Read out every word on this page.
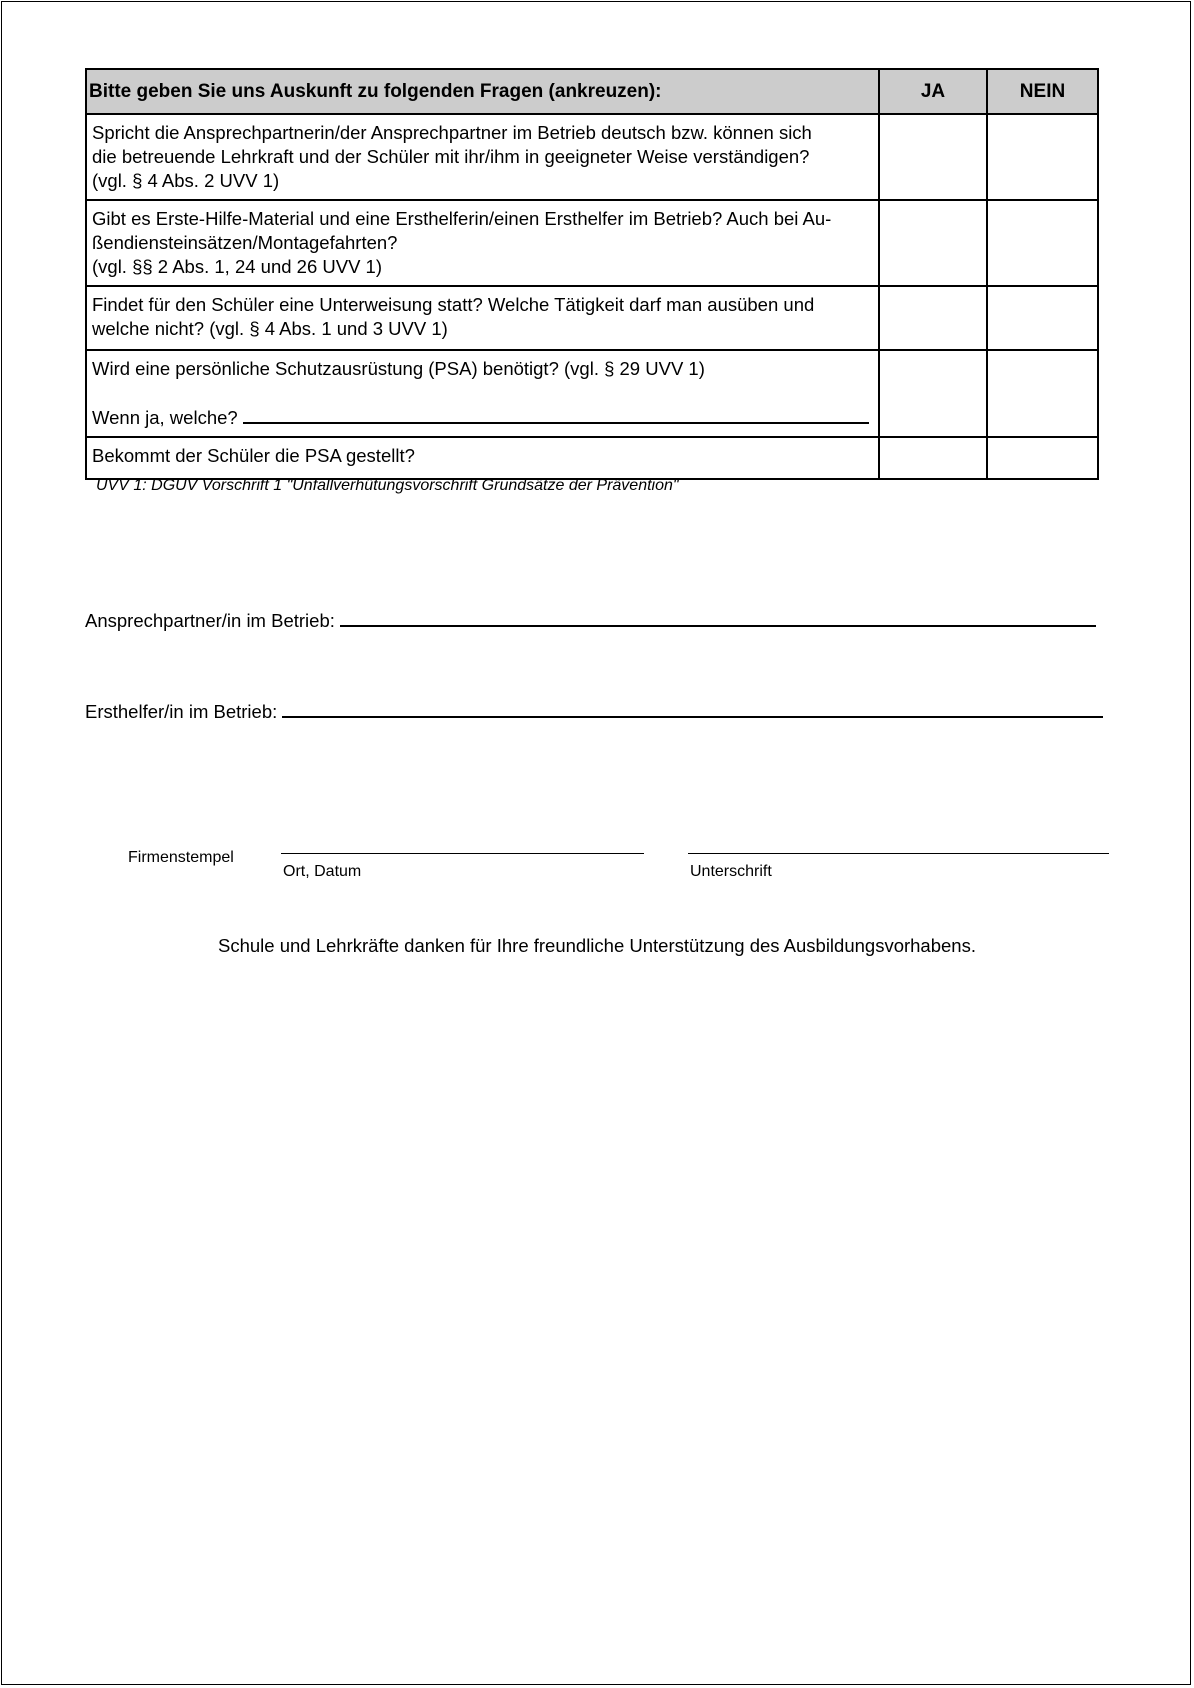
Bitte geben Sie uns Auskunft zu folgenden Fragen (ankreuzen):	JA	NEIN

Spricht die Ansprechpartnerin/der Ansprechpartner im Betrieb deutsch bzw. können sich
die betreuende Lehrkraft und der Schüler mit ihr/ihm in geeigneter Weise verständigen?
(vgl. § 4 Abs. 2 UVV 1)		

Gibt es Erste-Hilfe-Material und eine Ersthelferin/einen Ersthelfer im Betrieb? Auch bei Au-
ßendiensteinsätzen/Montagefahrten?
(vgl. §§ 2 Abs. 1, 24 und 26 UVV 1)		

Findet für den Schüler eine Unterweisung statt? Welche Tätigkeit darf man ausüben und
welche nicht? (vgl. § 4 Abs. 1 und 3 UVV 1)		

Wird eine persönliche Schutzausrüstung (PSA) benötigt? (vgl. § 29 UVV 1)
Wenn ja, welche?		

Bekommt der Schüler die PSA gestellt?		

UVV 1: DGUV Vorschrift 1 "Unfallverhütungsvorschrift Grundsätze der Prävention"
Ansprechpartner/in im Betrieb:
Ersthelfer/in im Betrieb:
Firmenstempel
Ort, Datum	Unterschrift
Schule und Lehrkräfte danken für Ihre freundliche Unterstützung des Ausbildungsvorhabens.
